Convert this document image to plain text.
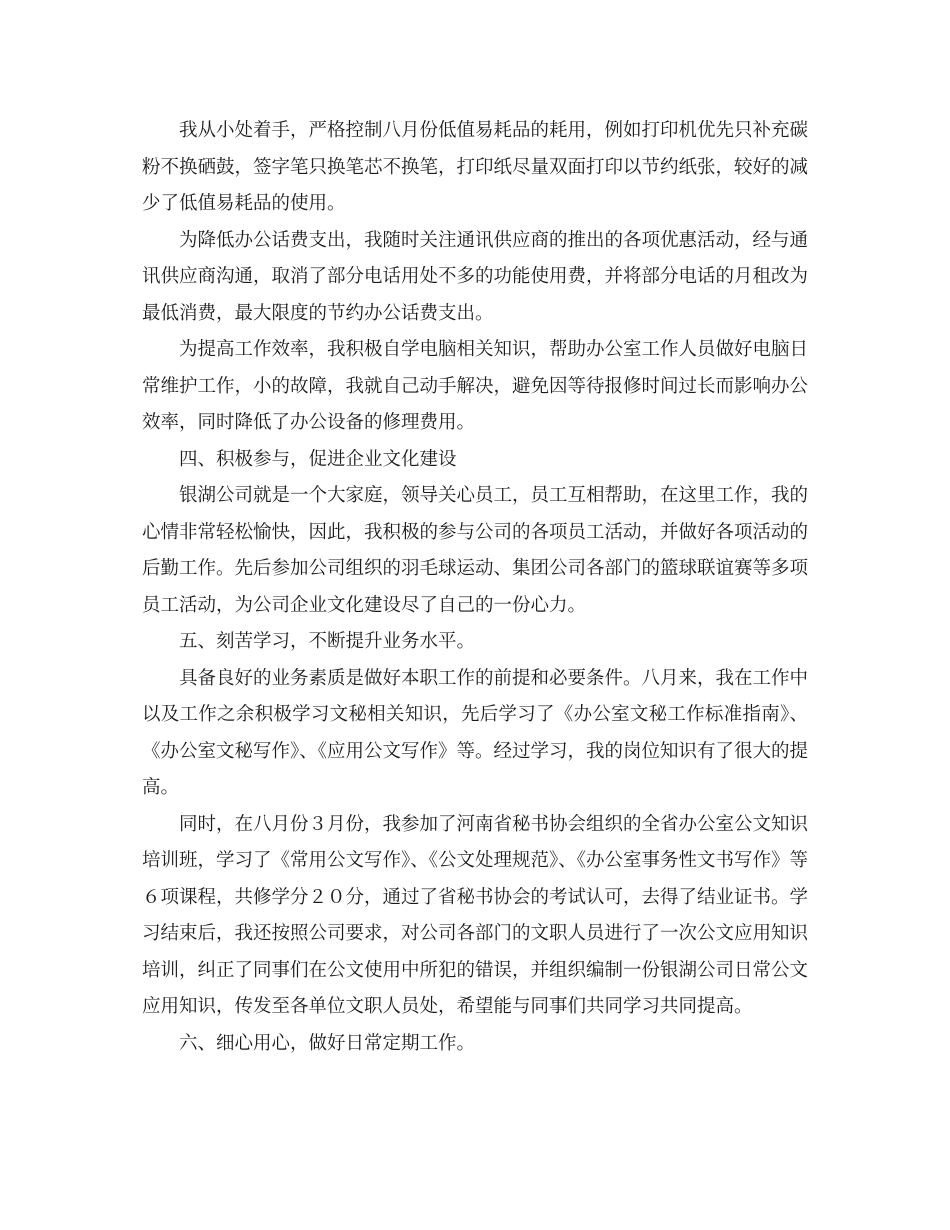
我从小处着手，严格控制八月份低值易耗品的耗用，例如打印机优先只补充碳粉不换硒鼓，签字笔只换笔芯不换笔，打印纸尽量双面打印以节约纸张，较好的减少了低值易耗品的使用。

为降低办公话费支出，我随时关注通讯供应商的推出的各项优惠活动，经与通讯供应商沟通，取消了部分电话用处不多的功能使用费，并将部分电话的月租改为最低消费，最大限度的节约办公话费支出。

为提高工作效率，我积极自学电脑相关知识，帮助办公室工作人员做好电脑日常维护工作，小的故障，我就自己动手解决，避免因等待报修时间过长而影响办公效率，同时降低了办公设备的修理费用。

四、积极参与，促进企业文化建设

银湖公司就是一个大家庭，领导关心员工，员工互相帮助，在这里工作，我的心情非常轻松愉快，因此，我积极的参与公司的各项员工活动，并做好各项活动的后勤工作。先后参加公司组织的羽毛球运动、集团公司各部门的篮球联谊赛等多项员工活动，为公司企业文化建设尽了自己的一份心力。

五、刻苦学习，不断提升业务水平。

具备良好的业务素质是做好本职工作的前提和必要条件。八月来，我在工作中以及工作之余积极学习文秘相关知识，先后学习了《办公室文秘工作标准指南》、《办公室文秘写作》、《应用公文写作》等。经过学习，我的岗位知识有了很大的提高。

同时，在八月份３月份，我参加了河南省秘书协会组织的全省办公室公文知识培训班，学习了《常用公文写作》、《公文处理规范》、《办公室事务性文书写作》等６项课程，共修学分２０分，通过了省秘书协会的考试认可，去得了结业证书。学习结束后，我还按照公司要求，对公司各部门的文职人员进行了一次公文应用知识培训，纠正了同事们在公文使用中所犯的错误，并组织编制一份银湖公司日常公文应用知识，传发至各单位文职人员处，希望能与同事们共同学习共同提高。

六、细心用心，做好日常定期工作。
